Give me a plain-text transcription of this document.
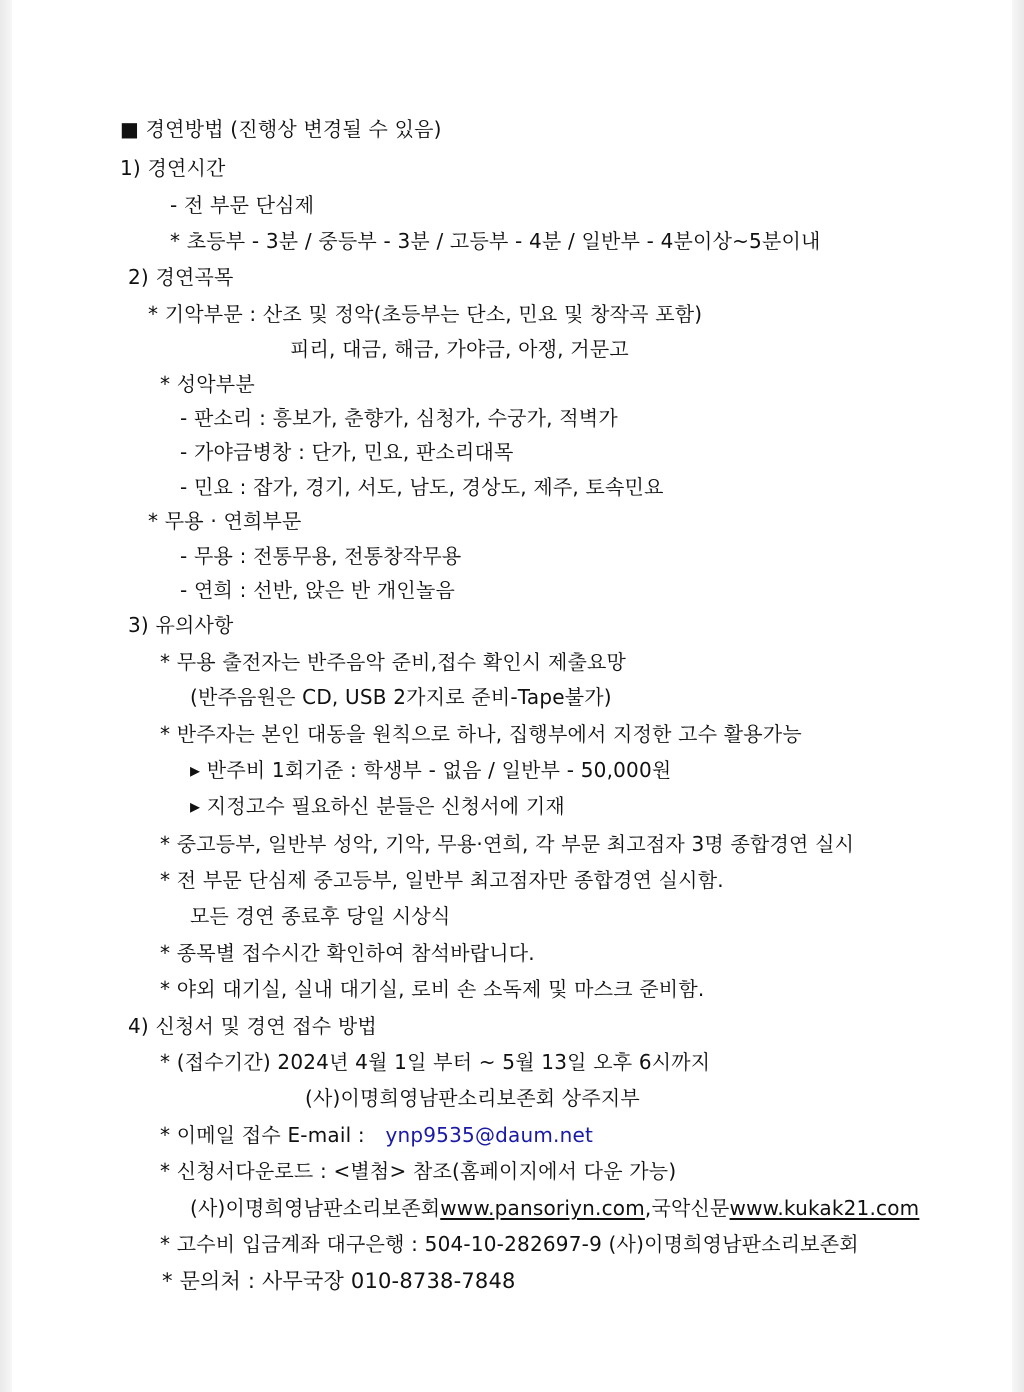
■ 경연방법 (진행상 변경될 수 있음)
1) 경연시간
- 전 부문 단심제
* 초등부 - 3분 / 중등부 - 3분 / 고등부 - 4분 / 일반부 - 4분이상~5분이내
2) 경연곡목
* 기악부문 : 산조 및 정악(초등부는 단소, 민요 및 창작곡 포함)
피리, 대금, 해금, 가야금, 아쟁, 거문고
* 성악부분
- 판소리 : 흥보가, 춘향가, 심청가, 수궁가, 적벽가
- 가야금병창 : 단가, 민요, 판소리대목
- 민요 : 잡가, 경기, 서도, 남도, 경상도, 제주, 토속민요
* 무용 · 연희부문
- 무용 : 전통무용, 전통창작무용
- 연희 : 선반, 앉은 반 개인놀음
3) 유의사항
* 무용 출전자는 반주음악 준비,접수 확인시 제출요망
(반주음원은 CD, USB 2가지로 준비-Tape불가)
* 반주자는 본인 대동을 원칙으로 하나, 집행부에서 지정한 고수 활용가능
▸ 반주비 1회기준 : 학생부 - 없음 / 일반부 - 50,000원
▸ 지정고수 필요하신 분들은 신청서에 기재
* 중고등부, 일반부 성악, 기악, 무용·연희, 각 부문 최고점자 3명 종합경연 실시
* 전 부문 단심제 중고등부, 일반부 최고점자만 종합경연 실시함.
모든 경연 종료후 당일 시상식
* 종목별 접수시간 확인하여 참석바랍니다.
* 야외 대기실, 실내 대기실, 로비 손 소독제 및 마스크 준비함.
4) 신청서 및 경연 접수 방법
* (접수기간) 2024년 4월 1일 부터 ~ 5월 13일 오후 6시까지
(사)이명희영남판소리보존회 상주지부
* 이메일 접수 E-mail : ynp9535@daum.net
* 신청서다운로드 : <별첨> 참조(홈페이지에서 다운 가능)
(사)이명희영남판소리보존회www.pansoriyn.com,국악신문www.kukak21.com
* 고수비 입금계좌 대구은행 : 504-10-282697-9 (사)이명희영남판소리보존회
* 문의처 : 사무국장 010-8738-7848
